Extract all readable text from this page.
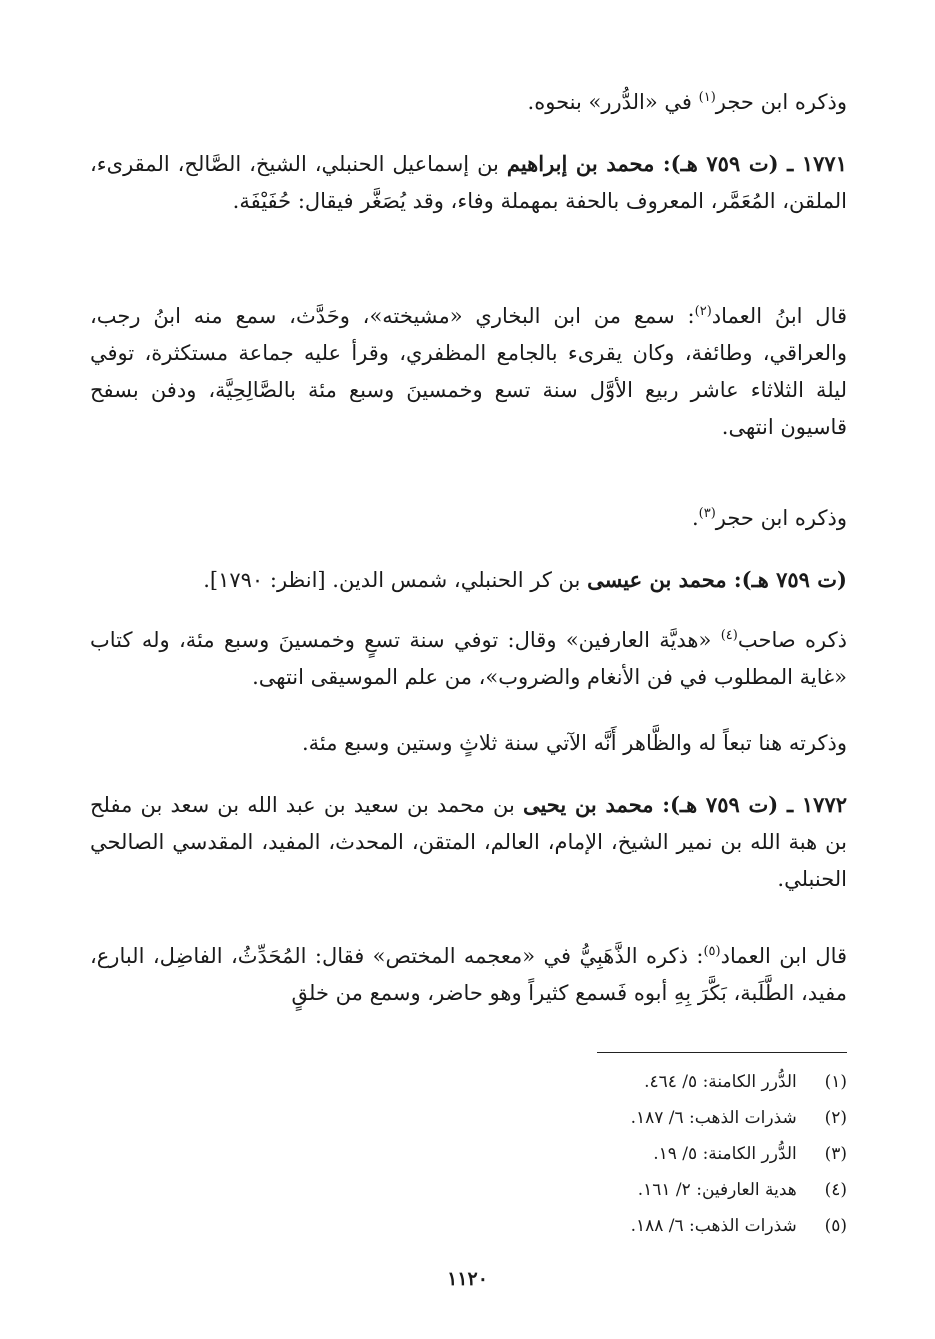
وذكره ابن حجر$^{(١)}$ في «الدُّرر» بنحوه.
١٧٧١ ـ (ت ٧٥٩ هـ): محمد بن إبراهيم بن إسماعيل الحنبلي، الشيخ، الصَّالح، المقرىء، الملقن، المُعَمَّر، المعروف بالحفة بمهملة وفاء، وقد يُصَغَّر فيقال: حُفَيْفَة.
قال ابنُ العماد$^{(٢)}$: سمع من ابن البخاري «مشيخته»، وحَدَّث، سمع منه ابنُ رجب، والعراقي، وطائفة، وكان يقرىء بالجامع المظفري، وقرأ عليه جماعة مستكثرة، توفي ليلة الثلاثاء عاشر ربيع الأوَّل سنة تسع وخمسينَ وسبع مئة بالصَّالِحِيَّة، ودفن بسفح قاسيون انتهى.
وذكره ابن حجر$^{(٣)}$.
(ت ٧٥٩ هـ): محمد بن عيسى بن كر الحنبلي، شمس الدين. [انظر: ١٧٩٠].
ذكره صاحب$^{(٤)}$ «هديَّة العارفين» وقال: توفي سنة تسعٍ وخمسينَ وسبع مئة، وله كتاب «غاية المطلوب في فن الأنغام والضروب»، من علم الموسيقى انتهى.
وذكرته هنا تبعاً له والظَّاهر أَنَّه الآتي سنة ثلاثٍ وستين وسبع مئة.
١٧٧٢ ـ (ت ٧٥٩ هـ): محمد بن يحيى بن محمد بن سعيد بن عبد الله بن سعد بن مفلح بن هبة الله بن نمير الشيخ، الإمام، العالم، المتقن، المحدث، المفيد، المقدسي الصالحي الحنبلي.
قال ابن العماد$^{(٥)}$: ذكره الذَّهَبِيُّ في «معجمه المختص» فقال: المُحَدِّثُ، الفاضِل، البارع، مفيد، الطَّلَبة، بَكَّرَ بِهِ أبوه فَسمع كثيراً وهو حاضر، وسمع من خلقٍ
(١)   الدُّرر الكامنة: ٥/ ٤٦٤.
(٢)   شذرات الذهب: ٦/ ١٨٧.
(٣)   الدُّرر الكامنة: ٥/ ١٩.
(٤)   هدية العارفين: ٢/ ١٦١.
(٥)   شذرات الذهب: ٦/ ١٨٨.
١١٢٠
